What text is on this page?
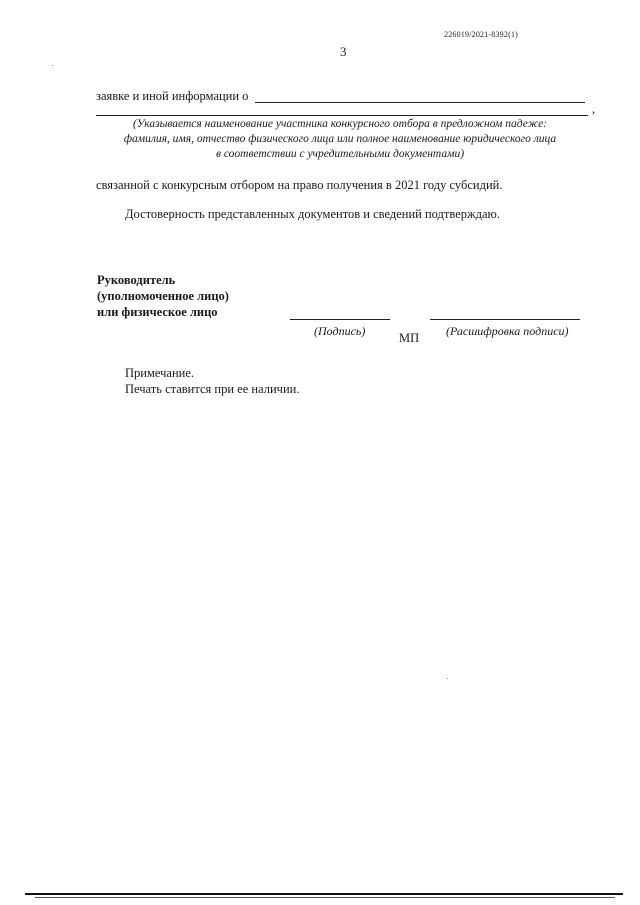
226019/2021-8392(1)
3
заявке и иной информации о
,
(Указывается наименование участника конкурсного отбора в предложном падеже:
фамилия, имя, отчество физического лица или полное наименование юридического лица
в соответствии с учредительными документами)
связанной с конкурсным отбором на право получения в 2021 году субсидий.
Достоверность представленных документов и сведений подтверждаю.
Руководитель
(уполномоченное лицо)
или физическое лицо
(Подпись)	МП (Расшифровка подписи)
Примечание.
Печать ставится при ее наличии.
